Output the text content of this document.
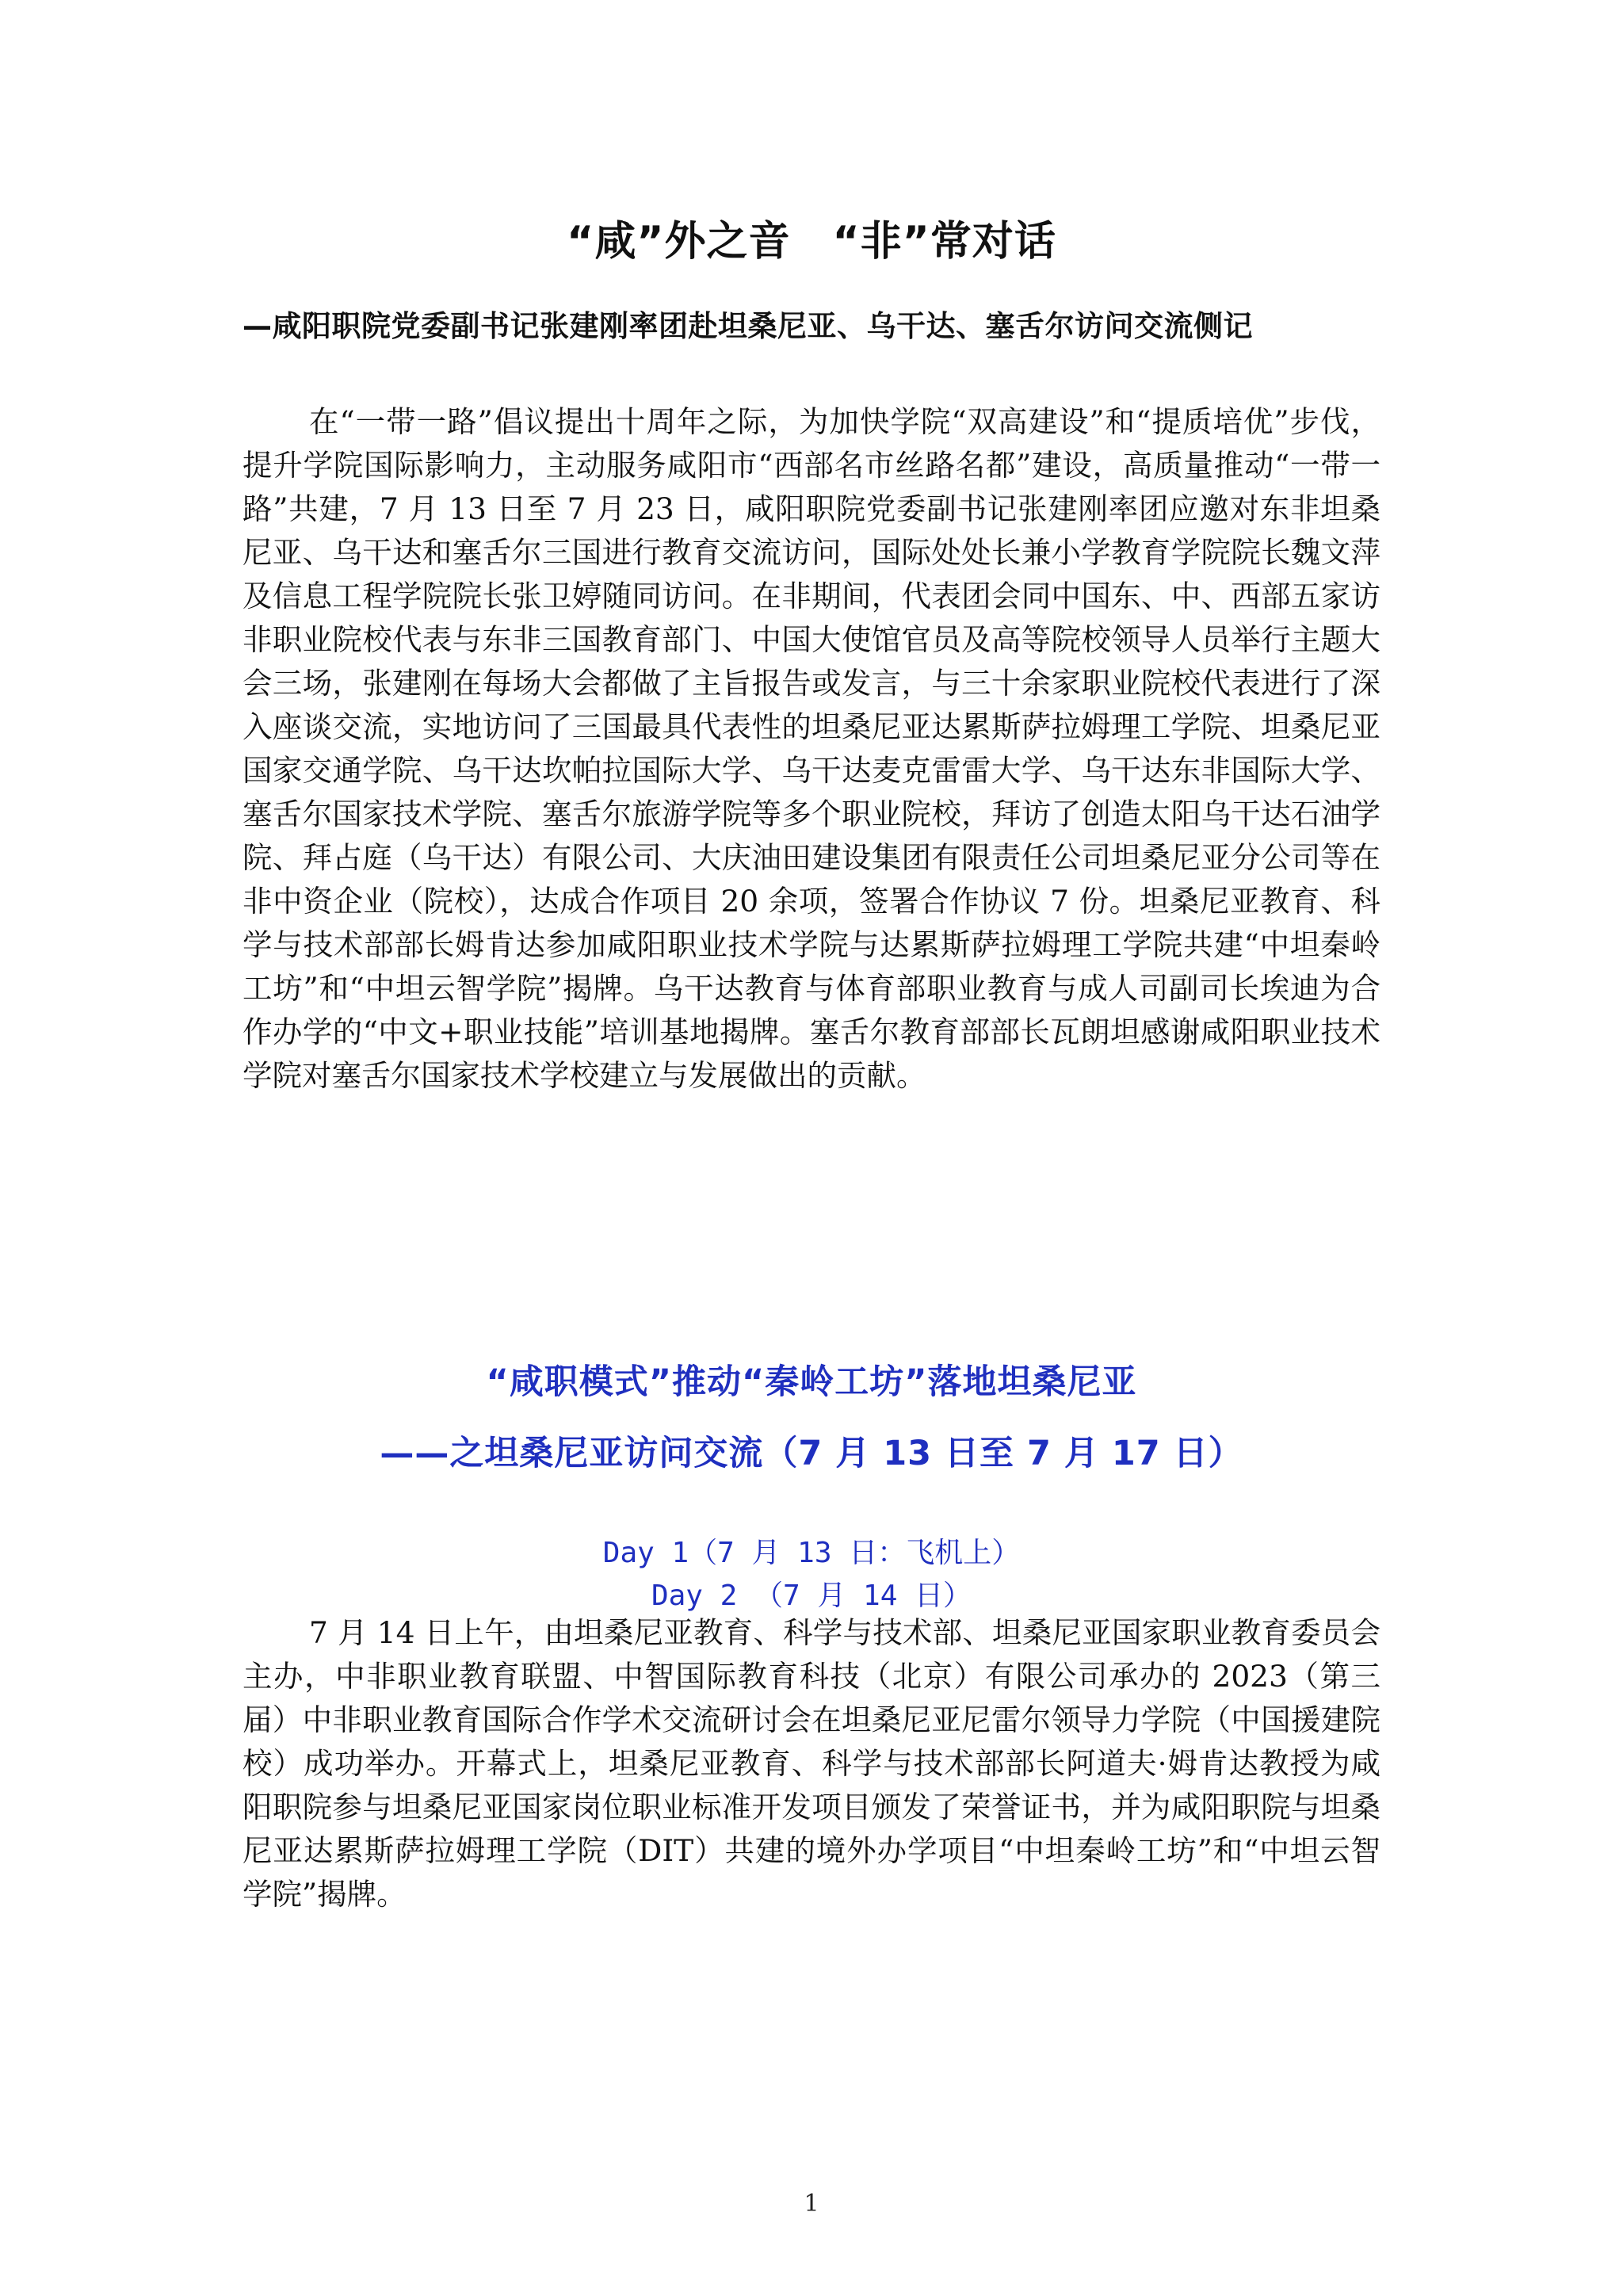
“咸”外之音　“非”常对话
—咸阳职院党委副书记张建刚率团赴坦桑尼亚、乌干达、塞舌尔访问交流侧记

在“一带一路”倡议提出十周年之际，为加快学院“双高建设”和“提质培优”步伐，提升学院国际影响力，主动服务咸阳市“西部名市丝路名都”建设，高质量推动“一带一路”共建，7 月 13 日至 7 月 23 日，咸阳职院党委副书记张建刚率团应邀对东非坦桑尼亚、乌干达和塞舌尔三国进行教育交流访问，国际处处长兼小学教育学院院长魏文萍及信息工程学院院长张卫婷随同访问。在非期间，代表团会同中国东、中、西部五家访非职业院校代表与东非三国教育部门、中国大使馆官员及高等院校领导人员举行主题大会三场，张建刚在每场大会都做了主旨报告或发言，与三十余家职业院校代表进行了深入座谈交流，实地访问了三国最具代表性的坦桑尼亚达累斯萨拉姆理工学院、坦桑尼亚国家交通学院、乌干达坎帕拉国际大学、乌干达麦克雷雷大学、乌干达东非国际大学、塞舌尔国家技术学院、塞舌尔旅游学院等多个职业院校，拜访了创造太阳乌干达石油学院、拜占庭（乌干达）有限公司、大庆油田建设集团有限责任公司坦桑尼亚分公司等在非中资企业（院校），达成合作项目 20 余项，签署合作协议 7 份。坦桑尼亚教育、科学与技术部部长姆肯达参加咸阳职业技术学院与达累斯萨拉姆理工学院共建“中坦秦岭工坊”和“中坦云智学院”揭牌。乌干达教育与体育部职业教育与成人司副司长埃迪为合作办学的“中文+职业技能”培训基地揭牌。塞舌尔教育部部长瓦朗坦感谢咸阳职业技术学院对塞舌尔国家技术学校建立与发展做出的贡献。

“咸职模式”推动“秦岭工坊”落地坦桑尼亚
——之坦桑尼亚访问交流（7 月 13 日至 7 月 17 日）
Day 1（7 月 13 日：飞机上）
Day 2 （7 月 14 日）

7 月 14 日上午，由坦桑尼亚教育、科学与技术部、坦桑尼亚国家职业教育委员会主办，中非职业教育联盟、中智国际教育科技（北京）有限公司承办的 2023（第三届）中非职业教育国际合作学术交流研讨会在坦桑尼亚尼雷尔领导力学院（中国援建院校）成功举办。开幕式上，坦桑尼亚教育、科学与技术部部长阿道夫·姆肯达教授为咸阳职院参与坦桑尼亚国家岗位职业标准开发项目颁发了荣誉证书，并为咸阳职院与坦桑尼亚达累斯萨拉姆理工学院（DIT）共建的境外办学项目“中坦秦岭工坊”和“中坦云智学院”揭牌。

1
